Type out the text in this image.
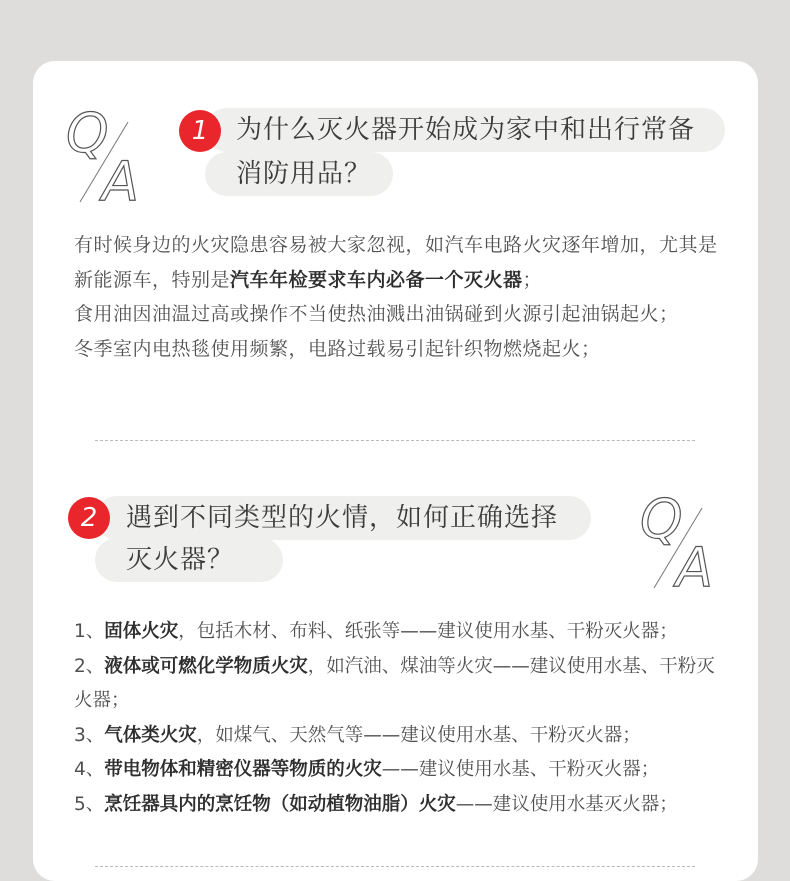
Q
A
1	为什么灭火器开始成为家中和出行常备
消防用品？

有时候身边的火灾隐患容易被大家忽视，如汽车电路火灾逐年增加，尤其是新能源车，特别是汽车年检要求车内必备一个灭火器；

食用油因油温过高或操作不当使热油溅出油锅碰到火源引起油锅起火；

冬季室内电热毯使用频繁，电路过载易引起针织物燃烧起火；

2	遇到不同类型的火情，如何正确选择
灭火器？
Q
A

1、固体火灾，包括木材、布料、纸张等——建议使用水基、干粉灭火器；

2、液体或可燃化学物质火灾，如汽油、煤油等火灾——建议使用水基、干粉灭火器；

3、气体类火灾，如煤气、天然气等——建议使用水基、干粉灭火器；

4、带电物体和精密仪器等物质的火灾——建议使用水基、干粉灭火器；

5、烹饪器具内的烹饪物（如动植物油脂）火灾——建议使用水基灭火器；
